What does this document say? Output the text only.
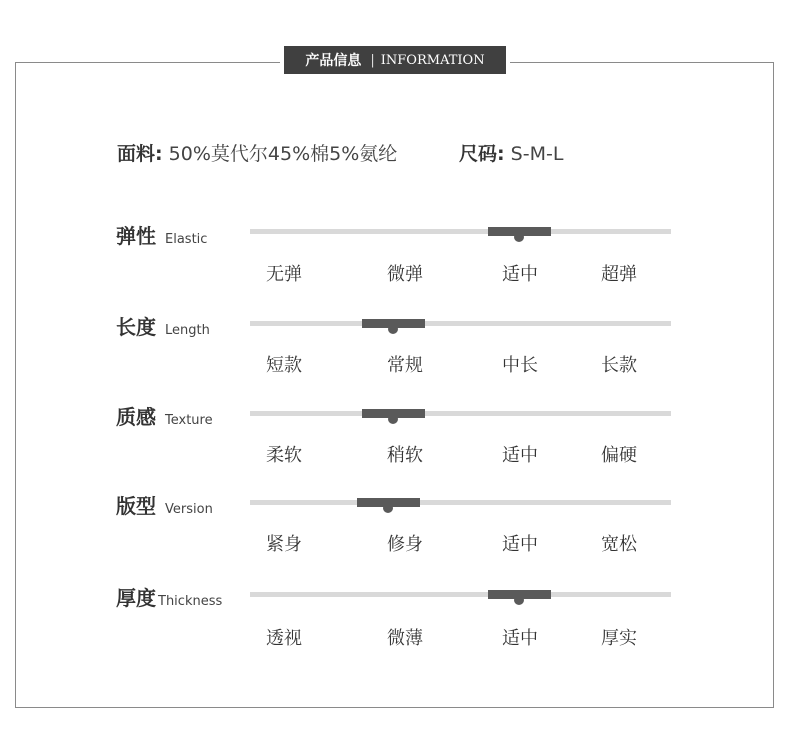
产品信息 | INFORMATION
面料: 50%莫代尔45%棉5%氨纶	尺码: S-M-L
弹性 Elastic
无弹	微弹	适中	超弹
长度 Length
短款	常规	中长	长款
质感 Texture
柔软	稍软	适中	偏硬
版型 Version
紧身	修身	适中	宽松
厚度 Thickness
透视	微薄	适中	厚实
